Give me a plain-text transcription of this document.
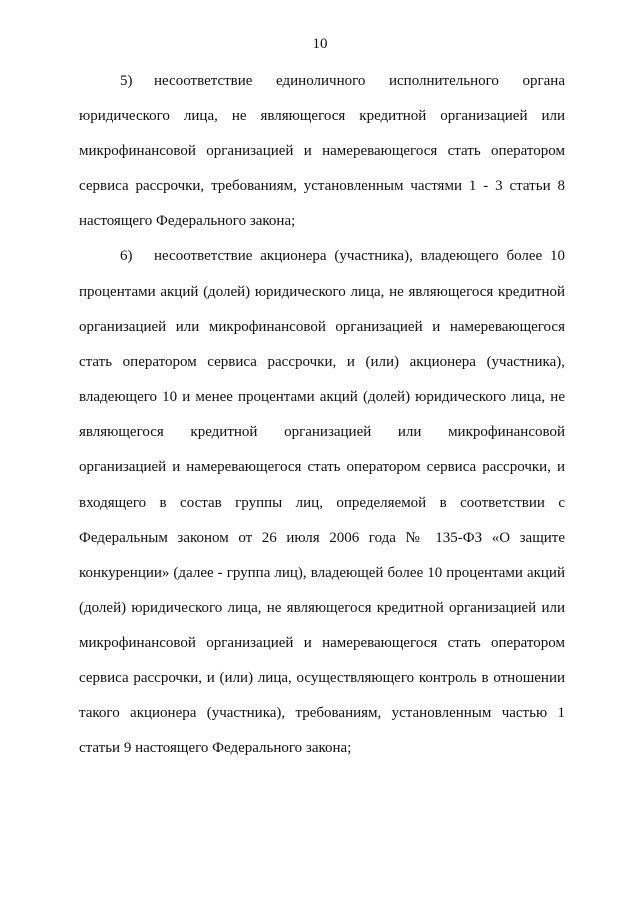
10
5) несоответствие единоличного исполнительного органа
юридического лица, не являющегося кредитной организацией или
микрофинансовой организацией и намеревающегося стать оператором
сервиса рассрочки, требованиям, установленным частями 1 - 3 статьи 8
настоящего Федерального закона;
6) несоответствие акционера (участника), владеющего более 10
процентами акций (долей) юридического лица, не являющегося кредитной
организацией или микрофинансовой организацией и намеревающегося
стать оператором сервиса рассрочки, и (или) акционера (участника),
владеющего 10 и менее процентами акций (долей) юридического лица, не
являющегося кредитной организацией или микрофинансовой
организацией и намеревающегося стать оператором сервиса рассрочки, и
входящего в состав группы лиц, определяемой в соответствии с
Федеральным законом от 26 июля 2006 года № 135-ФЗ «О защите
конкуренции» (далее - группа лиц), владеющей более 10 процентами акций
(долей) юридического лица, не являющегося кредитной организацией или
микрофинансовой организацией и намеревающегося стать оператором
сервиса рассрочки, и (или) лица, осуществляющего контроль в отношении
такого акционера (участника), требованиям, установленным частью 1
статьи 9 настоящего Федерального закона;
